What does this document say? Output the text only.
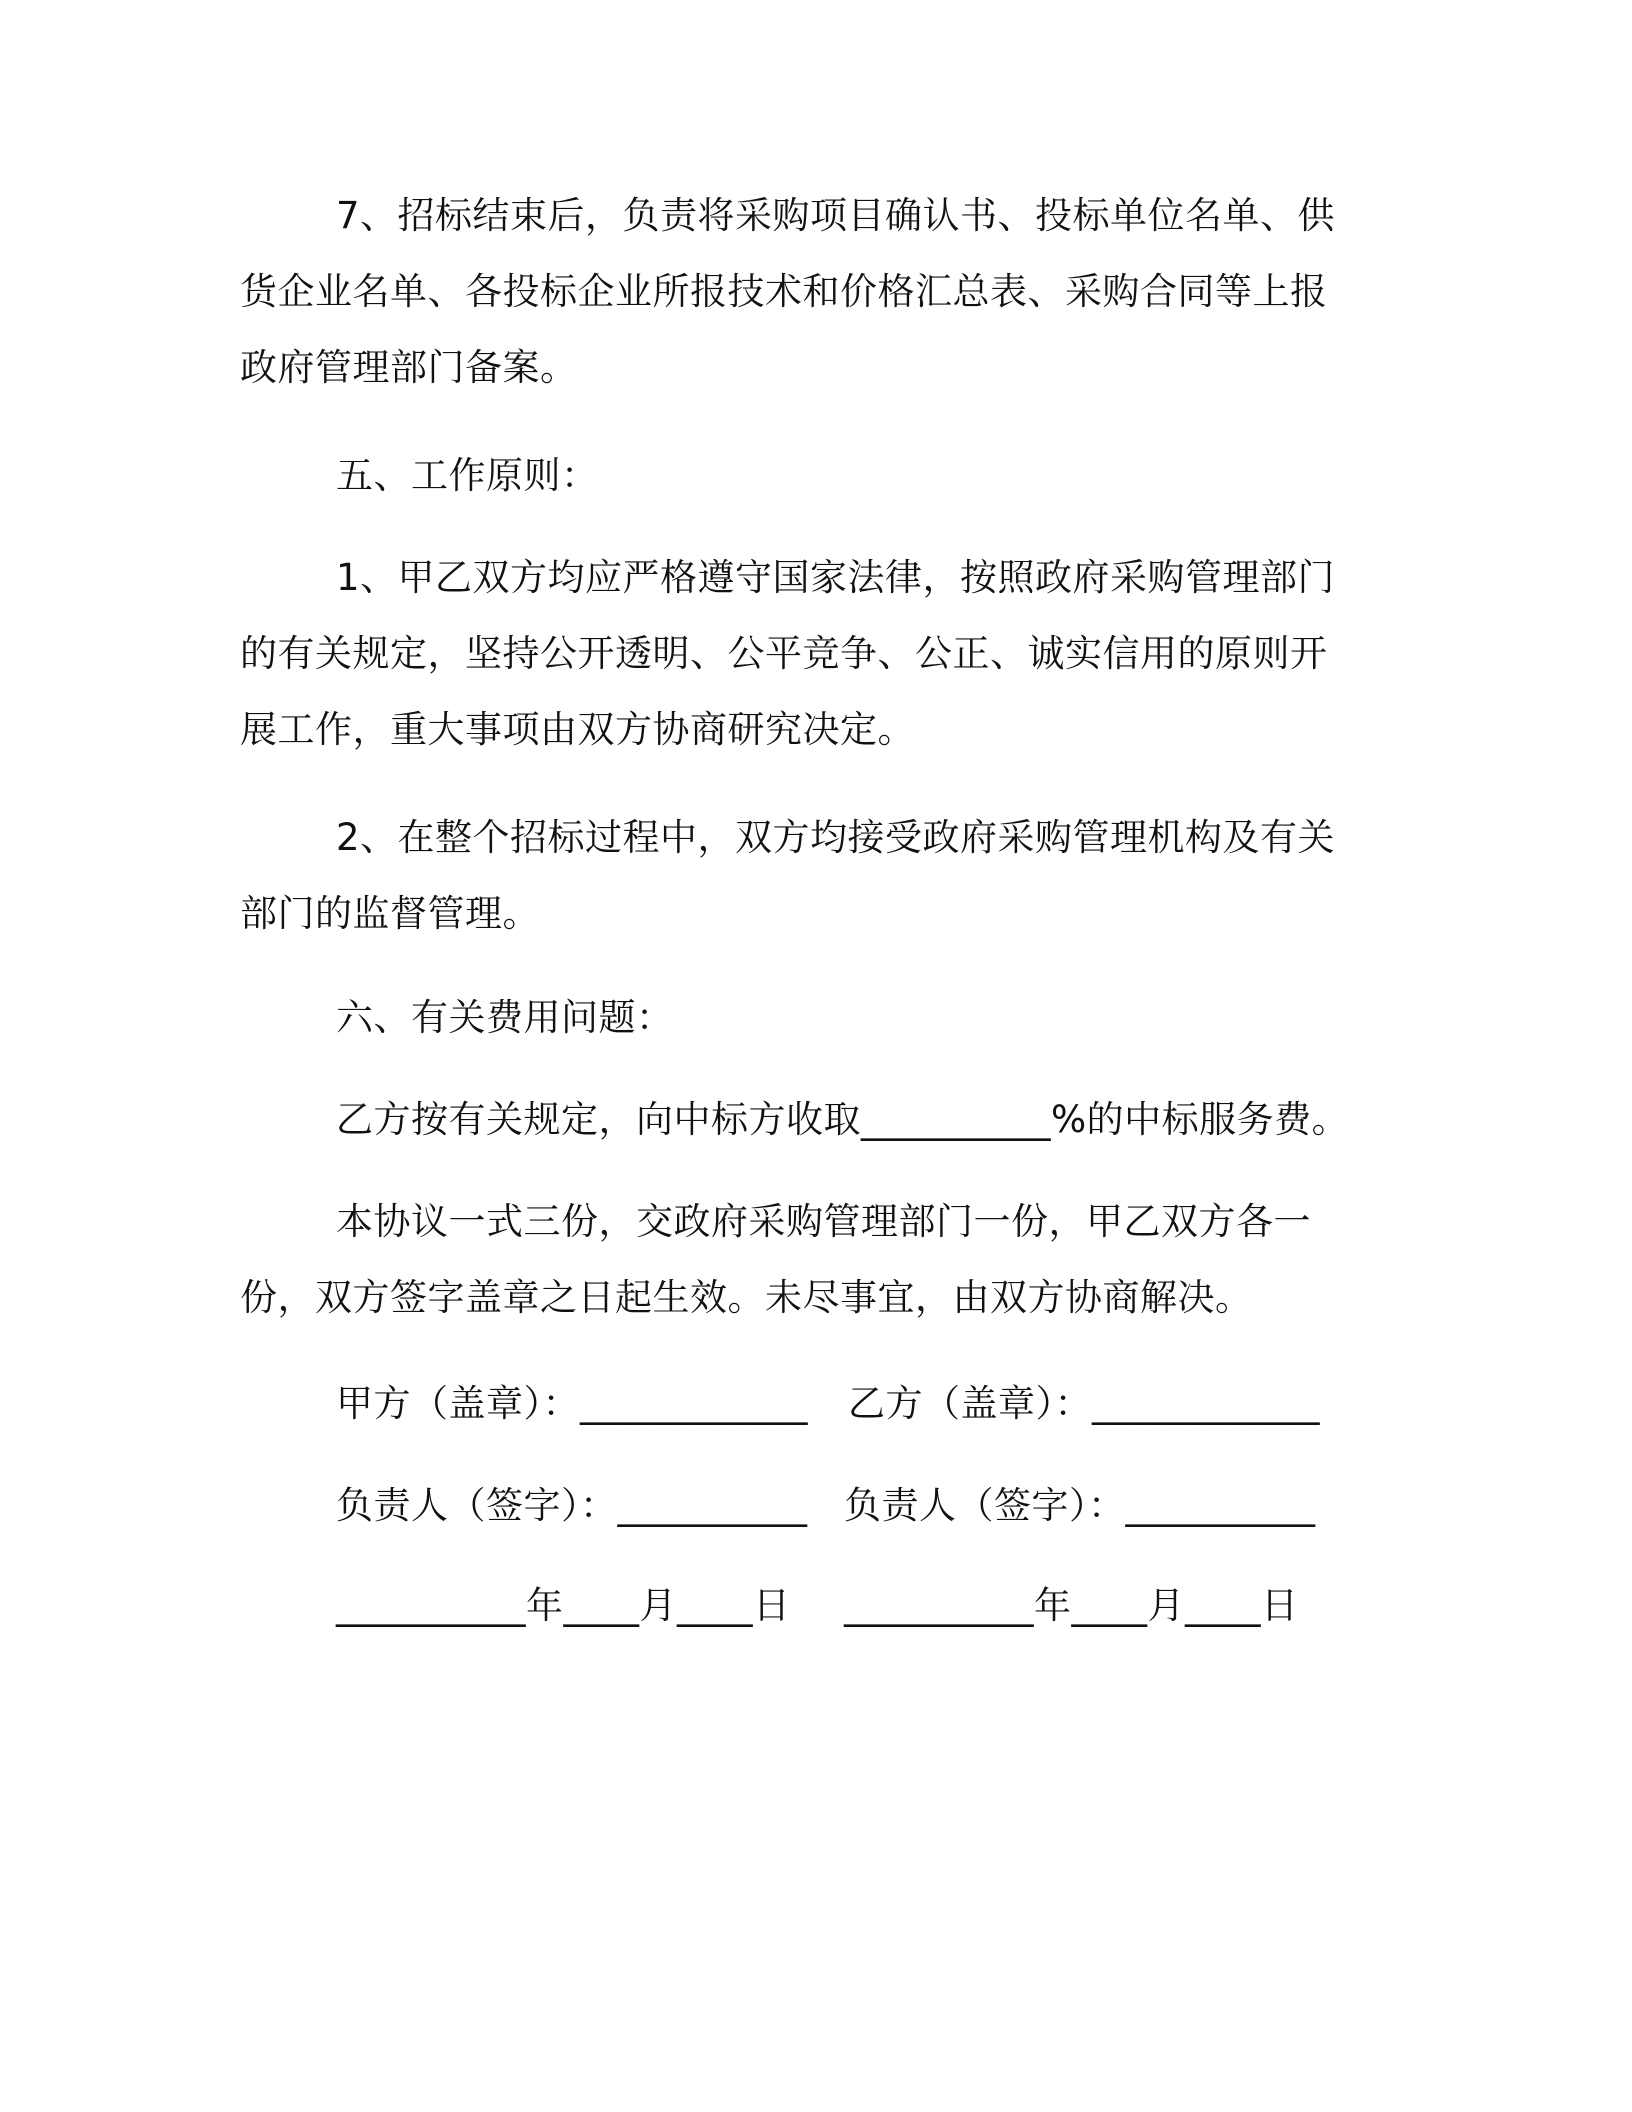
7、招标结束后，负责将采购项目确认书、投标单位名单、供货企业名单、各投标企业所报技术和价格汇总表、采购合同等上报政府管理部门备案。

五、工作原则：

1、甲乙双方均应严格遵守国家法律，按照政府采购管理部门的有关规定，坚持公开透明、公平竞争、公正、诚实信用的原则开展工作，重大事项由双方协商研究决定。

2、在整个招标过程中，双方均接受政府采购管理机构及有关部门的监督管理。

六、有关费用问题：

乙方按有关规定，向中标方收取__________%的中标服务费。

本协议一式三份，交政府采购管理部门一份，甲乙双方各一份，双方签字盖章之日起生效。未尽事宜，由双方协商解决。

甲方（盖章）：____________ 乙方（盖章）：____________

负责人（签字）：__________ 负责人（签字）：__________

__________年____月____日 __________年____月____日
